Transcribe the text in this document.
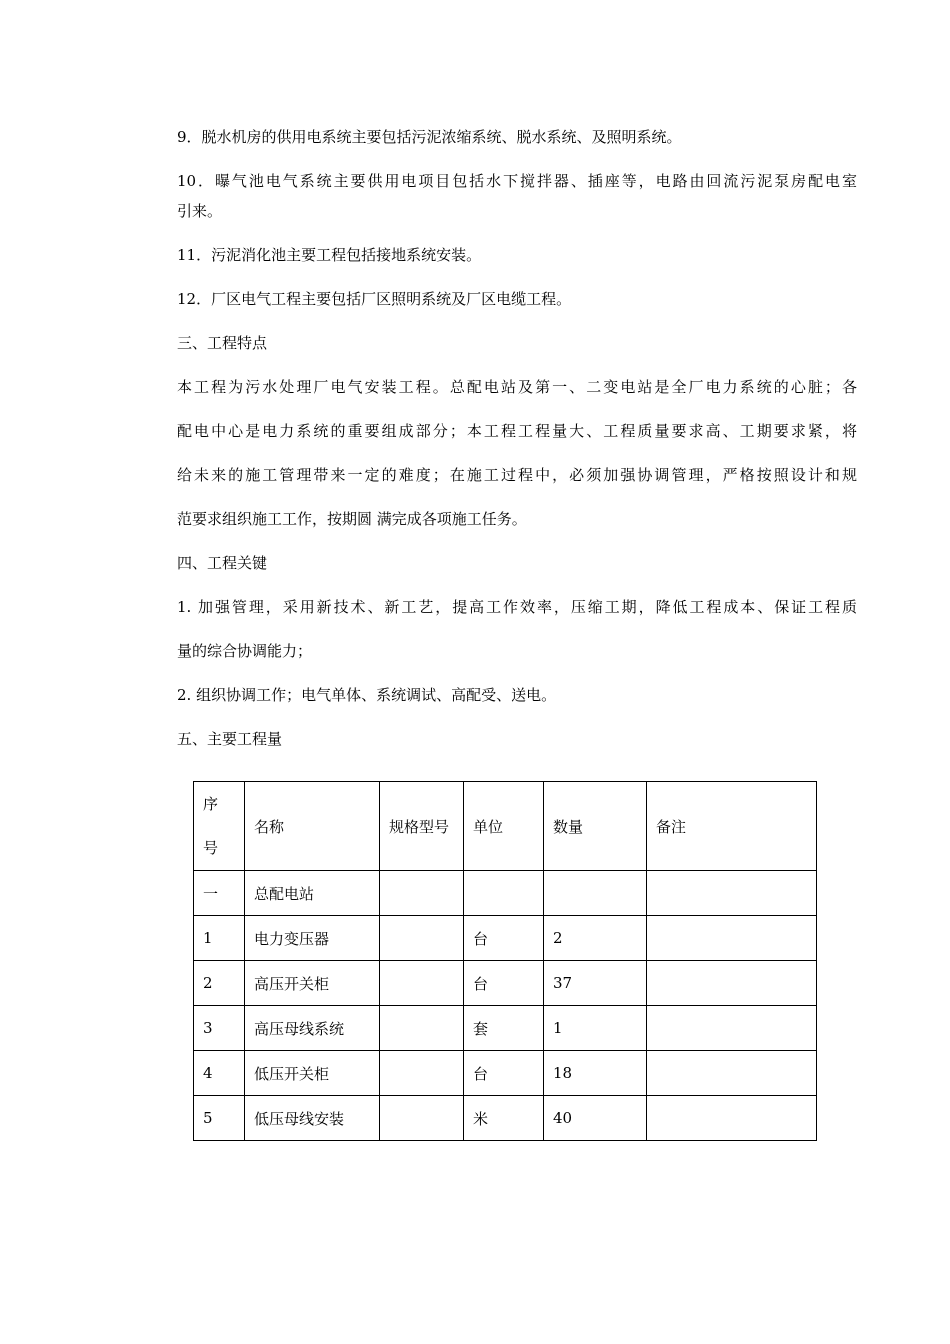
9．脱水机房的供用电系统主要包括污泥浓缩系统、脱水系统、及照明系统。

10．曝气池电气系统主要供用电项目包括水下搅拌器、插座等，电路由回流污泥泵房配电室

引来。

11．污泥消化池主要工程包括接地系统安装。

12．厂区电气工程主要包括厂区照明系统及厂区电缆工程。

三、工程特点

本工程为污水处理厂电气安装工程。总配电站及第一、二变电站是全厂电力系统的心脏；各

配电中心是电力系统的重要组成部分；本工程工程量大、工程质量要求高、工期要求紧，将

给未来的施工管理带来一定的难度；在施工过程中，必须加强协调管理，严格按照设计和规

范要求组织施工工作，按期圆 满完成各项施工任务。

四、工程关键

1. 加强管理，采用新技术、新工艺，提高工作效率，压缩工期，降低工程成本、保证工程质

量的综合协调能力；

2. 组织协调工作；电气单体、系统调试、高配受、送电。

五、主要工程量

序
号	名称	规格型号	单位	数量	备注
一	总配电站				
1	电力变压器		台	2	
2	高压开关柜		台	37	
3	高压母线系统		套	1	
4	低压开关柜		台	18	
5	低压母线安装		米	40	
